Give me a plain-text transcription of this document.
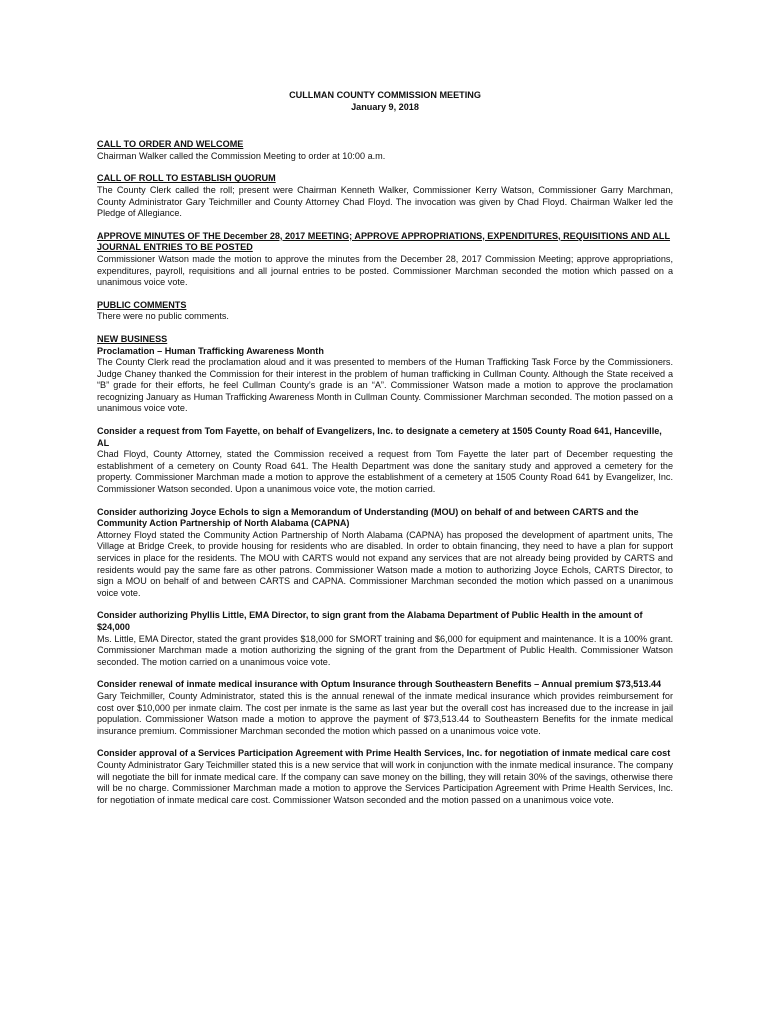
CULLMAN COUNTY COMMISSION MEETING
January 9, 2018
CALL TO ORDER AND WELCOME
Chairman Walker called the Commission Meeting to order at 10:00 a.m.
CALL OF ROLL TO ESTABLISH QUORUM
The County Clerk called the roll; present were Chairman Kenneth Walker, Commissioner Kerry Watson, Commissioner Garry Marchman, County Administrator Gary Teichmiller and County Attorney Chad Floyd. The invocation was given by Chad Floyd. Chairman Walker led the Pledge of Allegiance.
APPROVE MINUTES OF THE December 28, 2017 MEETING; APPROVE APPROPRIATIONS, EXPENDITURES, REQUISITIONS AND ALL JOURNAL ENTRIES TO BE POSTED
Commissioner Watson made the motion to approve the minutes from the December 28, 2017 Commission Meeting; approve appropriations, expenditures, payroll, requisitions and all journal entries to be posted. Commissioner Marchman seconded the motion which passed on a unanimous voice vote.
PUBLIC COMMENTS
There were no public comments.
NEW BUSINESS
Proclamation – Human Trafficking Awareness Month
The County Clerk read the proclamation aloud and it was presented to members of the Human Trafficking Task Force by the Commissioners. Judge Chaney thanked the Commission for their interest in the problem of human trafficking in Cullman County. Although the State received a “B” grade for their efforts, he feel Cullman County’s grade is an “A”. Commissioner Watson made a motion to approve the proclamation recognizing January as Human Trafficking Awareness Month in Cullman County. Commissioner Marchman seconded. The motion passed on a unanimous voice vote.
Consider a request from Tom Fayette, on behalf of Evangelizers, Inc. to designate a cemetery at 1505 County Road 641, Hanceville, AL
Chad Floyd, County Attorney, stated the Commission received a request from Tom Fayette the later part of December requesting the establishment of a cemetery on County Road 641. The Health Department was done the sanitary study and approved a cemetery for the property. Commissioner Marchman made a motion to approve the establishment of a cemetery at 1505 County Road 641 by Evangelizer, Inc. Commissioner Watson seconded. Upon a unanimous voice vote, the motion carried.
Consider authorizing Joyce Echols to sign a Memorandum of Understanding (MOU) on behalf of and between CARTS and the Community Action Partnership of North Alabama (CAPNA)
Attorney Floyd stated the Community Action Partnership of North Alabama (CAPNA) has proposed the development of apartment units, The Village at Bridge Creek, to provide housing for residents who are disabled. In order to obtain financing, they need to have a plan for support services in place for the residents. The MOU with CARTS would not expand any services that are not already being provided by CARTS and residents would pay the same fare as other patrons. Commissioner Watson made a motion to authorizing Joyce Echols, CARTS Director, to sign a MOU on behalf of and between CARTS and CAPNA. Commissioner Marchman seconded the motion which passed on a unanimous voice vote.
Consider authorizing Phyllis Little, EMA Director, to sign grant from the Alabama Department of Public Health in the amount of $24,000
Ms. Little, EMA Director, stated the grant provides $18,000 for SMORT training and $6,000 for equipment and maintenance. It is a 100% grant. Commissioner Marchman made a motion authorizing the signing of the grant from the Department of Public Health. Commissioner Watson seconded. The motion carried on a unanimous voice vote.
Consider renewal of inmate medical insurance with Optum Insurance through Southeastern Benefits – Annual premium $73,513.44
Gary Teichmiller, County Administrator, stated this is the annual renewal of the inmate medical insurance which provides reimbursement for cost over $10,000 per inmate claim. The cost per inmate is the same as last year but the overall cost has increased due to the increase in jail population. Commissioner Watson made a motion to approve the payment of $73,513.44 to Southeastern Benefits for the inmate medical insurance premium. Commissioner Marchman seconded the motion which passed on a unanimous voice vote.
Consider approval of a Services Participation Agreement with Prime Health Services, Inc. for negotiation of inmate medical care cost
County Administrator Gary Teichmiller stated this is a new service that will work in conjunction with the inmate medical insurance. The company will negotiate the bill for inmate medical care. If the company can save money on the billing, they will retain 30% of the savings, otherwise there will be no charge. Commissioner Marchman made a motion to approve the Services Participation Agreement with Prime Health Services, Inc. for negotiation of inmate medical care cost. Commissioner Watson seconded and the motion passed on a unanimous voice vote.
